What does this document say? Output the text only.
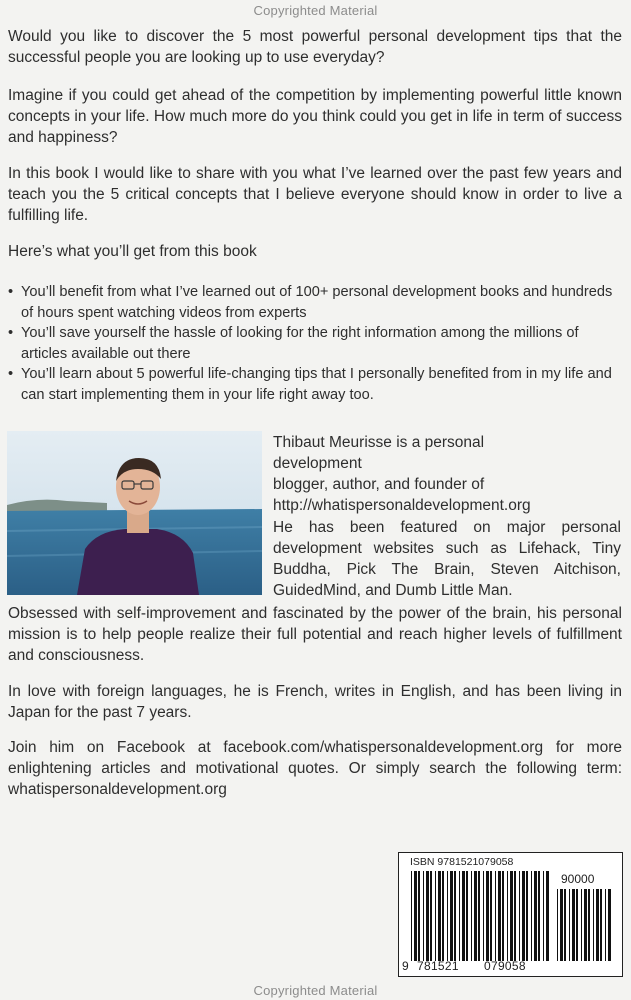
Copyrighted Material
Would you like to discover the 5 most powerful personal development tips that the successful people you are looking up to use everyday?
Imagine if you could get ahead of the competition by implementing powerful little known concepts in your life. How much more do you think could you get in life in term of success and happiness?
In this book I would like to share with you what I’ve learned over the past few years and teach you the 5 critical concepts that I believe everyone should know in order to live a fulfilling life.
Here’s what you’ll get from this book
• You’ll benefit from what I’ve learned out of 100+ personal development books and hundreds of hours spent watching videos from experts
• You’ll save yourself the hassle of looking for the right information among the millions of articles available out there
• You’ll learn about 5 powerful life-changing tips that I personally benefited from in my life and can start implementing them in your life right away too.
Thibaut Meurisse is a personal development
blogger, author, and founder of
http://whatispersonaldevelopment.org
He has been featured on major personal development websites such as Lifehack, Tiny Buddha, Pick The Brain, Steven Aitchison, GuidedMind, and Dumb Little Man.
Obsessed with self-improvement and fascinated by the power of the brain, his personal mission is to help people realize their full potential and reach higher levels of fulfillment and consciousness.
In love with foreign languages, he is French, writes in English, and has been living in Japan for the past 7 years.
Join him on Facebook at facebook.com/whatispersonaldevelopment.org for more enlightening articles and motivational quotes. Or simply search the following term: whatispersonaldevelopment.org
ISBN 9781521079058
90000
9 781521 079058
Copyrighted Material
